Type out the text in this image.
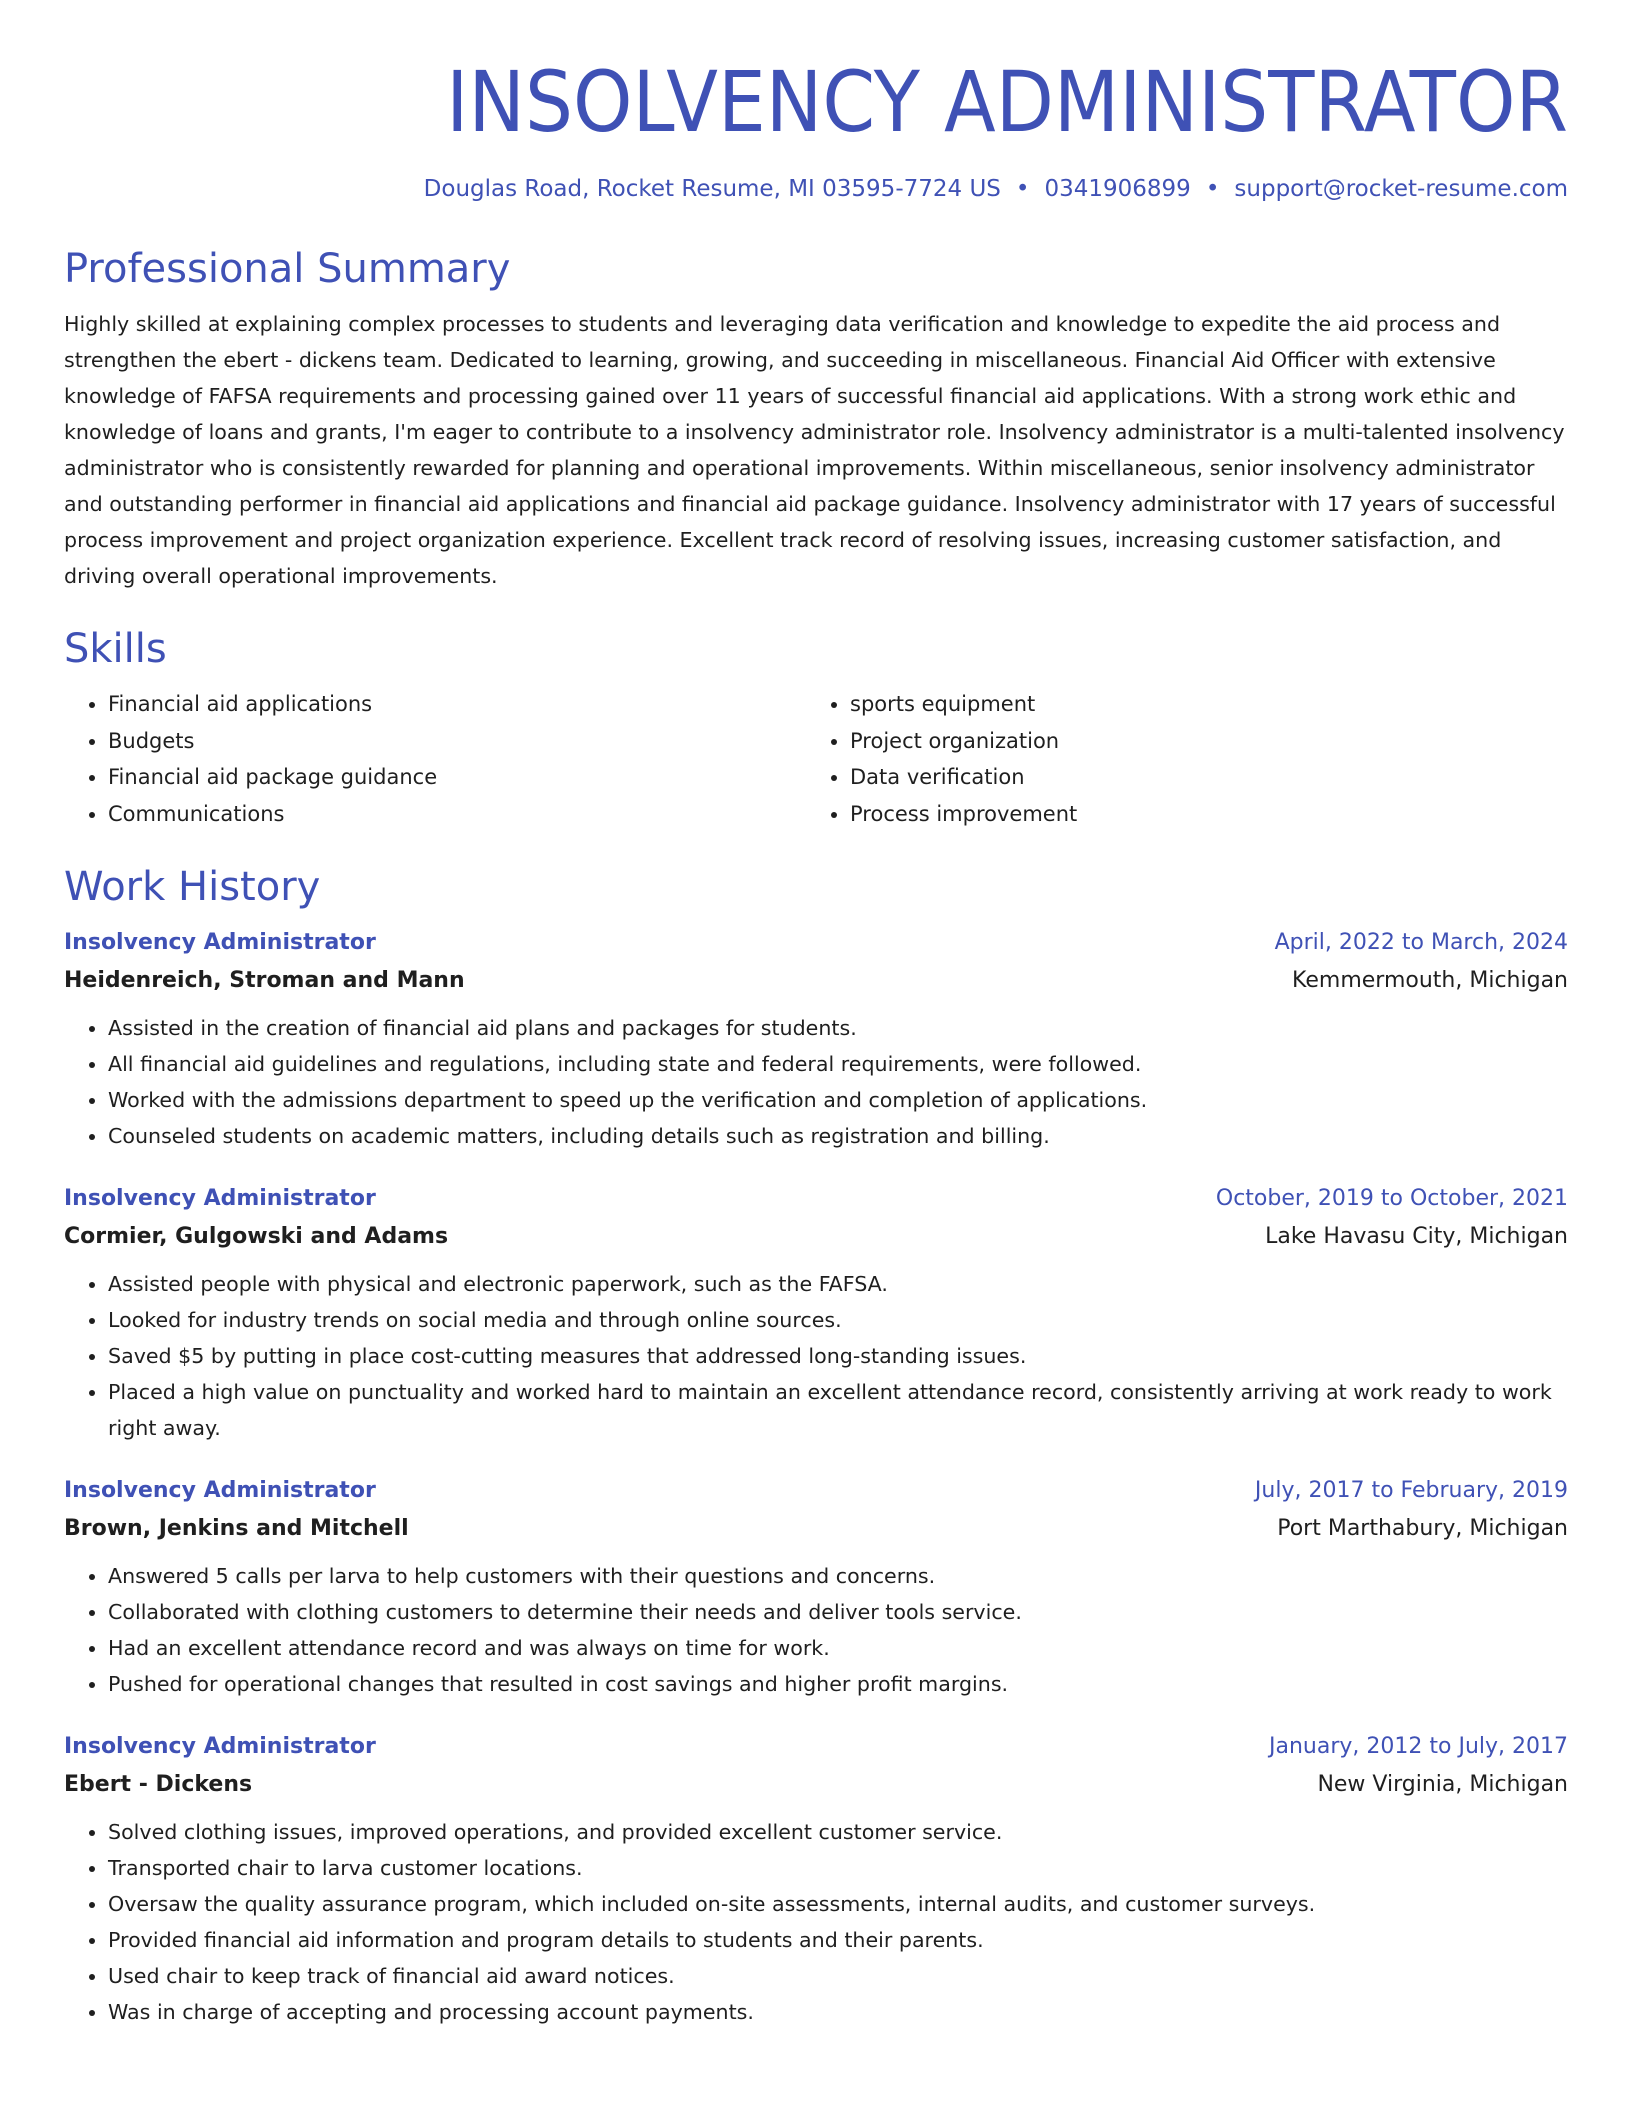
INSOLVENCY ADMINISTRATOR
Douglas Road, Rocket Resume, MI 03595-7724 US • 0341906899 • support@rocket-resume.com
Professional Summary
Highly skilled at explaining complex processes to students and leveraging data verification and knowledge to expedite the aid process and strengthen the ebert - dickens team. Dedicated to learning, growing, and succeeding in miscellaneous. Financial Aid Officer with extensive knowledge of FAFSA requirements and processing gained over 11 years of successful financial aid applications. With a strong work ethic and knowledge of loans and grants, I'm eager to contribute to a insolvency administrator role. Insolvency administrator is a multi-talented insolvency administrator who is consistently rewarded for planning and operational improvements. Within miscellaneous, senior insolvency administrator and outstanding performer in financial aid applications and financial aid package guidance. Insolvency administrator with 17 years of successful process improvement and project organization experience. Excellent track record of resolving issues, increasing customer satisfaction, and driving overall operational improvements.
Skills
• Financial aid applications
• Budgets
• Financial aid package guidance
• Communications
• sports equipment
• Project organization
• Data verification
• Process improvement
Work History
Insolvency Administrator	April, 2022 to March, 2024
Heidenreich, Stroman and Mann	Kemmermouth, Michigan
• Assisted in the creation of financial aid plans and packages for students.
• All financial aid guidelines and regulations, including state and federal requirements, were followed.
• Worked with the admissions department to speed up the verification and completion of applications.
• Counseled students on academic matters, including details such as registration and billing.
Insolvency Administrator	October, 2019 to October, 2021
Cormier, Gulgowski and Adams	Lake Havasu City, Michigan
• Assisted people with physical and electronic paperwork, such as the FAFSA.
• Looked for industry trends on social media and through online sources.
• Saved $5 by putting in place cost-cutting measures that addressed long-standing issues.
• Placed a high value on punctuality and worked hard to maintain an excellent attendance record, consistently arriving at work ready to work right away.
Insolvency Administrator	July, 2017 to February, 2019
Brown, Jenkins and Mitchell	Port Marthabury, Michigan
• Answered 5 calls per larva to help customers with their questions and concerns.
• Collaborated with clothing customers to determine their needs and deliver tools service.
• Had an excellent attendance record and was always on time for work.
• Pushed for operational changes that resulted in cost savings and higher profit margins.
Insolvency Administrator	January, 2012 to July, 2017
Ebert - Dickens	New Virginia, Michigan
• Solved clothing issues, improved operations, and provided excellent customer service.
• Transported chair to larva customer locations.
• Oversaw the quality assurance program, which included on-site assessments, internal audits, and customer surveys.
• Provided financial aid information and program details to students and their parents.
• Used chair to keep track of financial aid award notices.
• Was in charge of accepting and processing account payments.
